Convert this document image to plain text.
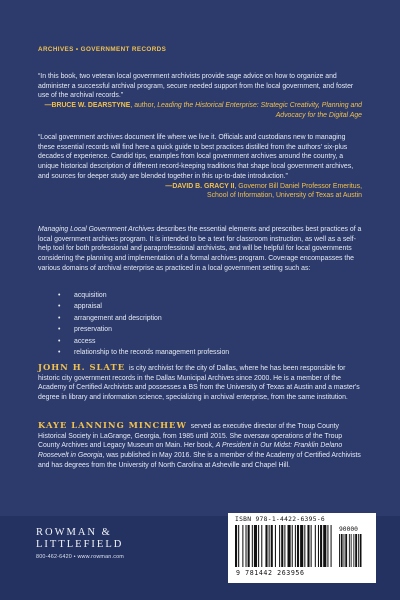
ARCHIVES • GOVERNMENT RECORDS
“In this book, two veteran local government archivists provide sage advice on how to organize and administer a successful archival program, secure needed support from the local government, and foster use of the archival records.”
—BRUCE W. DEARSTYNE, author, Leading the Historical Enterprise: Strategic Creativity, Planning and Advocacy for the Digital Age
“Local government archives document life where we live it. Officials and custodians new to managing these essential records will find here a quick guide to best practices distilled from the authors' six-plus decades of experience. Candid tips, examples from local government archives around the country, a unique historical description of different record-keeping traditions that shape local government archives, and sources for deeper study are blended together in this up-to-date introduction.”
—DAVID B. GRACY II, Governor Bill Daniel Professor Emeritus,
School of Information, University of Texas at Austin
Managing Local Government Archives describes the essential elements and prescribes best practices of a local government archives program. It is intended to be a text for classroom instruction, as well as a self-help tool for both professional and paraprofessional archivists, and will be helpful for local governments considering the planning and implementation of a formal archives program. Coverage encompasses the various domains of archival enterprise as practiced in a local government setting such as:
• acquisition
• appraisal
• arrangement and description
• preservation
• access
• relationship to the records management profession
JOHN H. SLATE is city archivist for the city of Dallas, where he has been responsible for historic city government records in the Dallas Municipal Archives since 2000. He is a member of the Academy of Certified Archivists and possesses a BS from the University of Texas at Austin and a master's degree in library and information science, specializing in archival enterprise, from the same institution.
KAYE LANNING MINCHEW served as executive director of the Troup County Historical Society in LaGrange, Georgia, from 1985 until 2015. She oversaw operations of the Troup County Archives and Legacy Museum on Main. Her book, A President in Our Midst: Franklin Delano Roosevelt in Georgia, was published in May 2016. She is a member of the Academy of Certified Archivists and has degrees from the University of North Carolina at Asheville and Chapel Hill.
ROWMAN &
LITTLEFIELD
800-462-6420 • www.rowman.com
ISBN 978-1-4422-6395-6
90000
9 781442 263956
